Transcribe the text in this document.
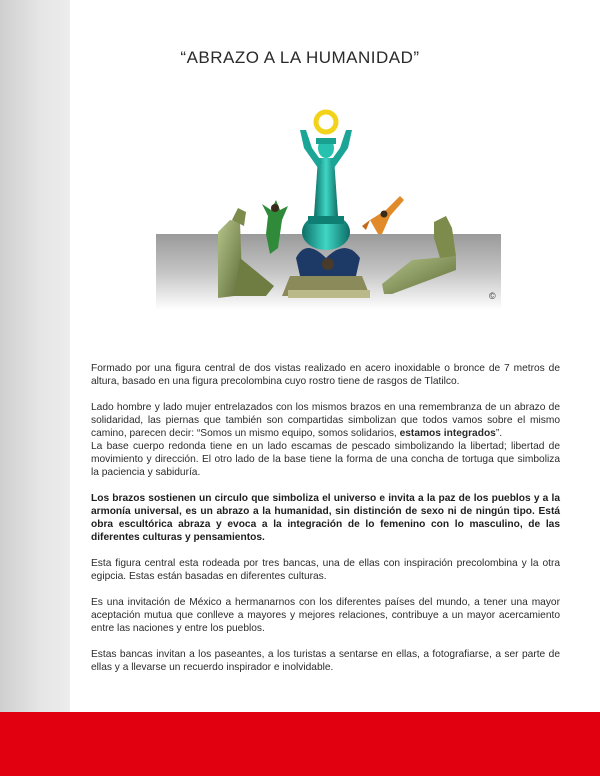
“ABRAZO A LA HUMANIDAD”
©

Formado por una figura central de dos vistas realizado en acero inoxidable o bronce de 7 metros de altura, basado en una figura precolombina cuyo rostro tiene de rasgos de Tlatilco.

Lado hombre y lado mujer entrelazados con los mismos brazos en una remembranza de un abrazo de solidaridad, las piernas que también son compartidas simbolizan que todos vamos sobre el mismo camino, parecen decir: “Somos un mismo equipo, somos solidarios, estamos integrados”.

La base cuerpo redonda tiene en un lado escamas de pescado simbolizando la libertad; libertad de movimiento y dirección. El otro lado de la base tiene la forma de una concha de tortuga que simboliza la paciencia y sabiduría.

Los brazos sostienen un circulo que simboliza el universo e invita a la paz de los pueblos y a la armonía universal, es un abrazo a la humanidad, sin distinción de sexo ni de ningún tipo. Está obra escultórica abraza y evoca a la integración de lo femenino con lo masculino, de las diferentes culturas y pensamientos.

Esta figura central esta rodeada por tres bancas, una de ellas con inspiración precolombina y la otra egipcia. Estas están basadas en diferentes culturas.

Es una invitación de México a hermanarnos con los diferentes países del mundo, a tener una mayor aceptación mutua que conlleve a mayores y mejores relaciones, contribuye a un mayor acercamiento entre las naciones y entre los pueblos.

Estas bancas invitan a los paseantes, a los turistas a sentarse en ellas, a fotografiarse, a ser parte de ellas y a llevarse un recuerdo inspirador e inolvidable.
